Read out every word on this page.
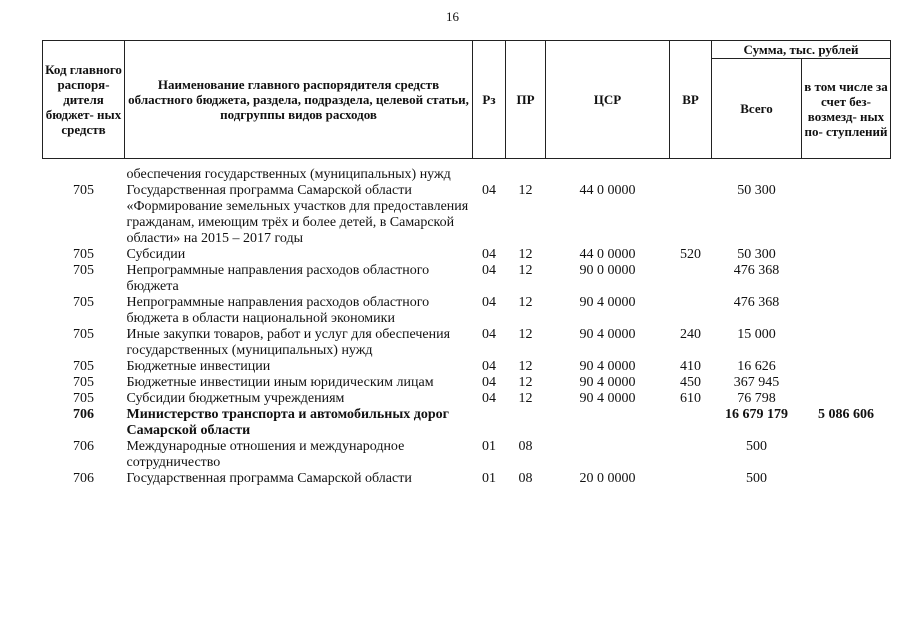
16
Код главного распоря- дителя бюджет- ных средств	Наименование главного распорядителя средств областного бюджета, раздела, подраздела, целевой статьи, подгруппы видов расходов	Рз	ПР	ЦСР	ВР	Сумма, тыс. рублей	
						Всего	в том числе за счет без- возмезд- ных по- ступлений

	обеспечения государственных (муниципальных) нужд						
705	Государственная программа Самарской области «Формирование земельных участков для предоставления гражданам, имеющим трёх и более детей, в Самарской области» на 2015 – 2017 годы	04	12	44 0 0000		50 300	
705	Субсидии	04	12	44 0 0000	520	50 300	
705	Непрограммные направления расходов областного бюджета	04	12	90 0 0000		476 368	
705	Непрограммные направления расходов областного бюджета в области национальной экономики	04	12	90 4 0000		476 368	
705	Иные закупки товаров, работ и услуг для обеспечения государственных (муниципальных) нужд	04	12	90 4 0000	240	15 000	
705	Бюджетные инвестиции	04	12	90 4 0000	410	16 626	
705	Бюджетные инвестиции иным юридическим лицам	04	12	90 4 0000	450	367 945	
705	Субсидии бюджетным учреждениям	04	12	90 4 0000	610	76 798	
706	Министерство транспорта и автомобильных дорог Самарской области					16 679 179	5 086 606
706	Международные отношения и международное сотрудничество	01	08			500	
706	Государственная программа Самарской области	01	08	20 0 0000		500	
